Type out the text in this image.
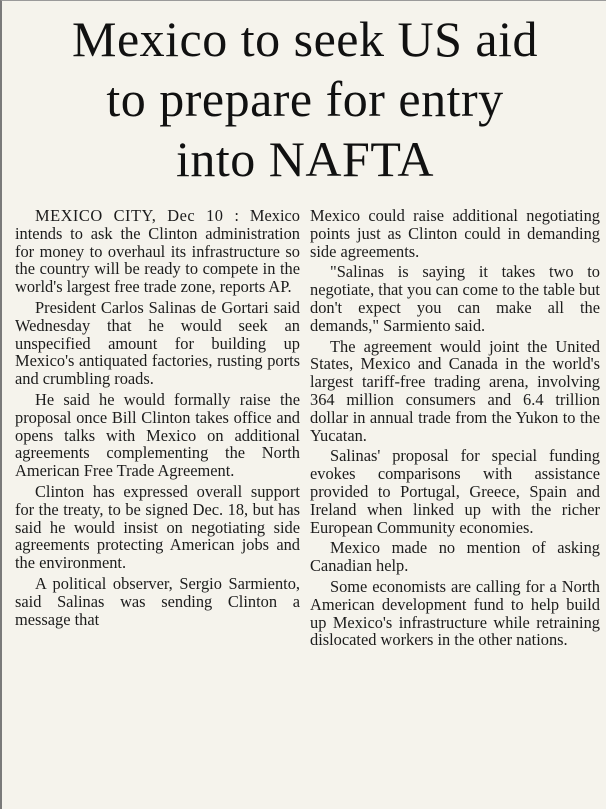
Mexico to seek US aid
to prepare for entry
into NAFTA

MEXICO CITY, Dec 10 : Mexico intends to ask the Clinton administration for money to overhaul its infrastructure so the country will be ready to compete in the world's largest free trade zone, reports AP.

President Carlos Salinas de Gortari said Wednesday that he would seek an unspecified amount for building up Mexico's antiquated factories, rusting ports and crumbling roads.

He said he would formally raise the proposal once Bill Clinton takes office and opens talks with Mexico on additional agreements complementing the North American Free Trade Agreement.

Clinton has expressed overall support for the treaty, to be signed Dec. 18, but has said he would insist on negotiating side agreements protecting American jobs and the environment.

A political observer, Sergio Sarmiento, said Salinas was sending Clinton a message that

Mexico could raise additional negotiating points just as Clinton could in demanding side agreements.

"Salinas is saying it takes two to negotiate, that you can come to the table but don't expect you can make all the demands," Sarmiento said.

The agreement would joint the United States, Mexico and Canada in the world's largest tariff-free trading arena, involving 364 million consumers and 6.4 trillion dollar in annual trade from the Yukon to the Yucatan.

Salinas' proposal for special funding evokes comparisons with assistance provided to Portugal, Greece, Spain and Ireland when linked up with the richer European Community economies.

Mexico made no mention of asking Canadian help.

Some economists are calling for a North American development fund to help build up Mexico's infrastructure while retraining dislocated workers in the other nations.
